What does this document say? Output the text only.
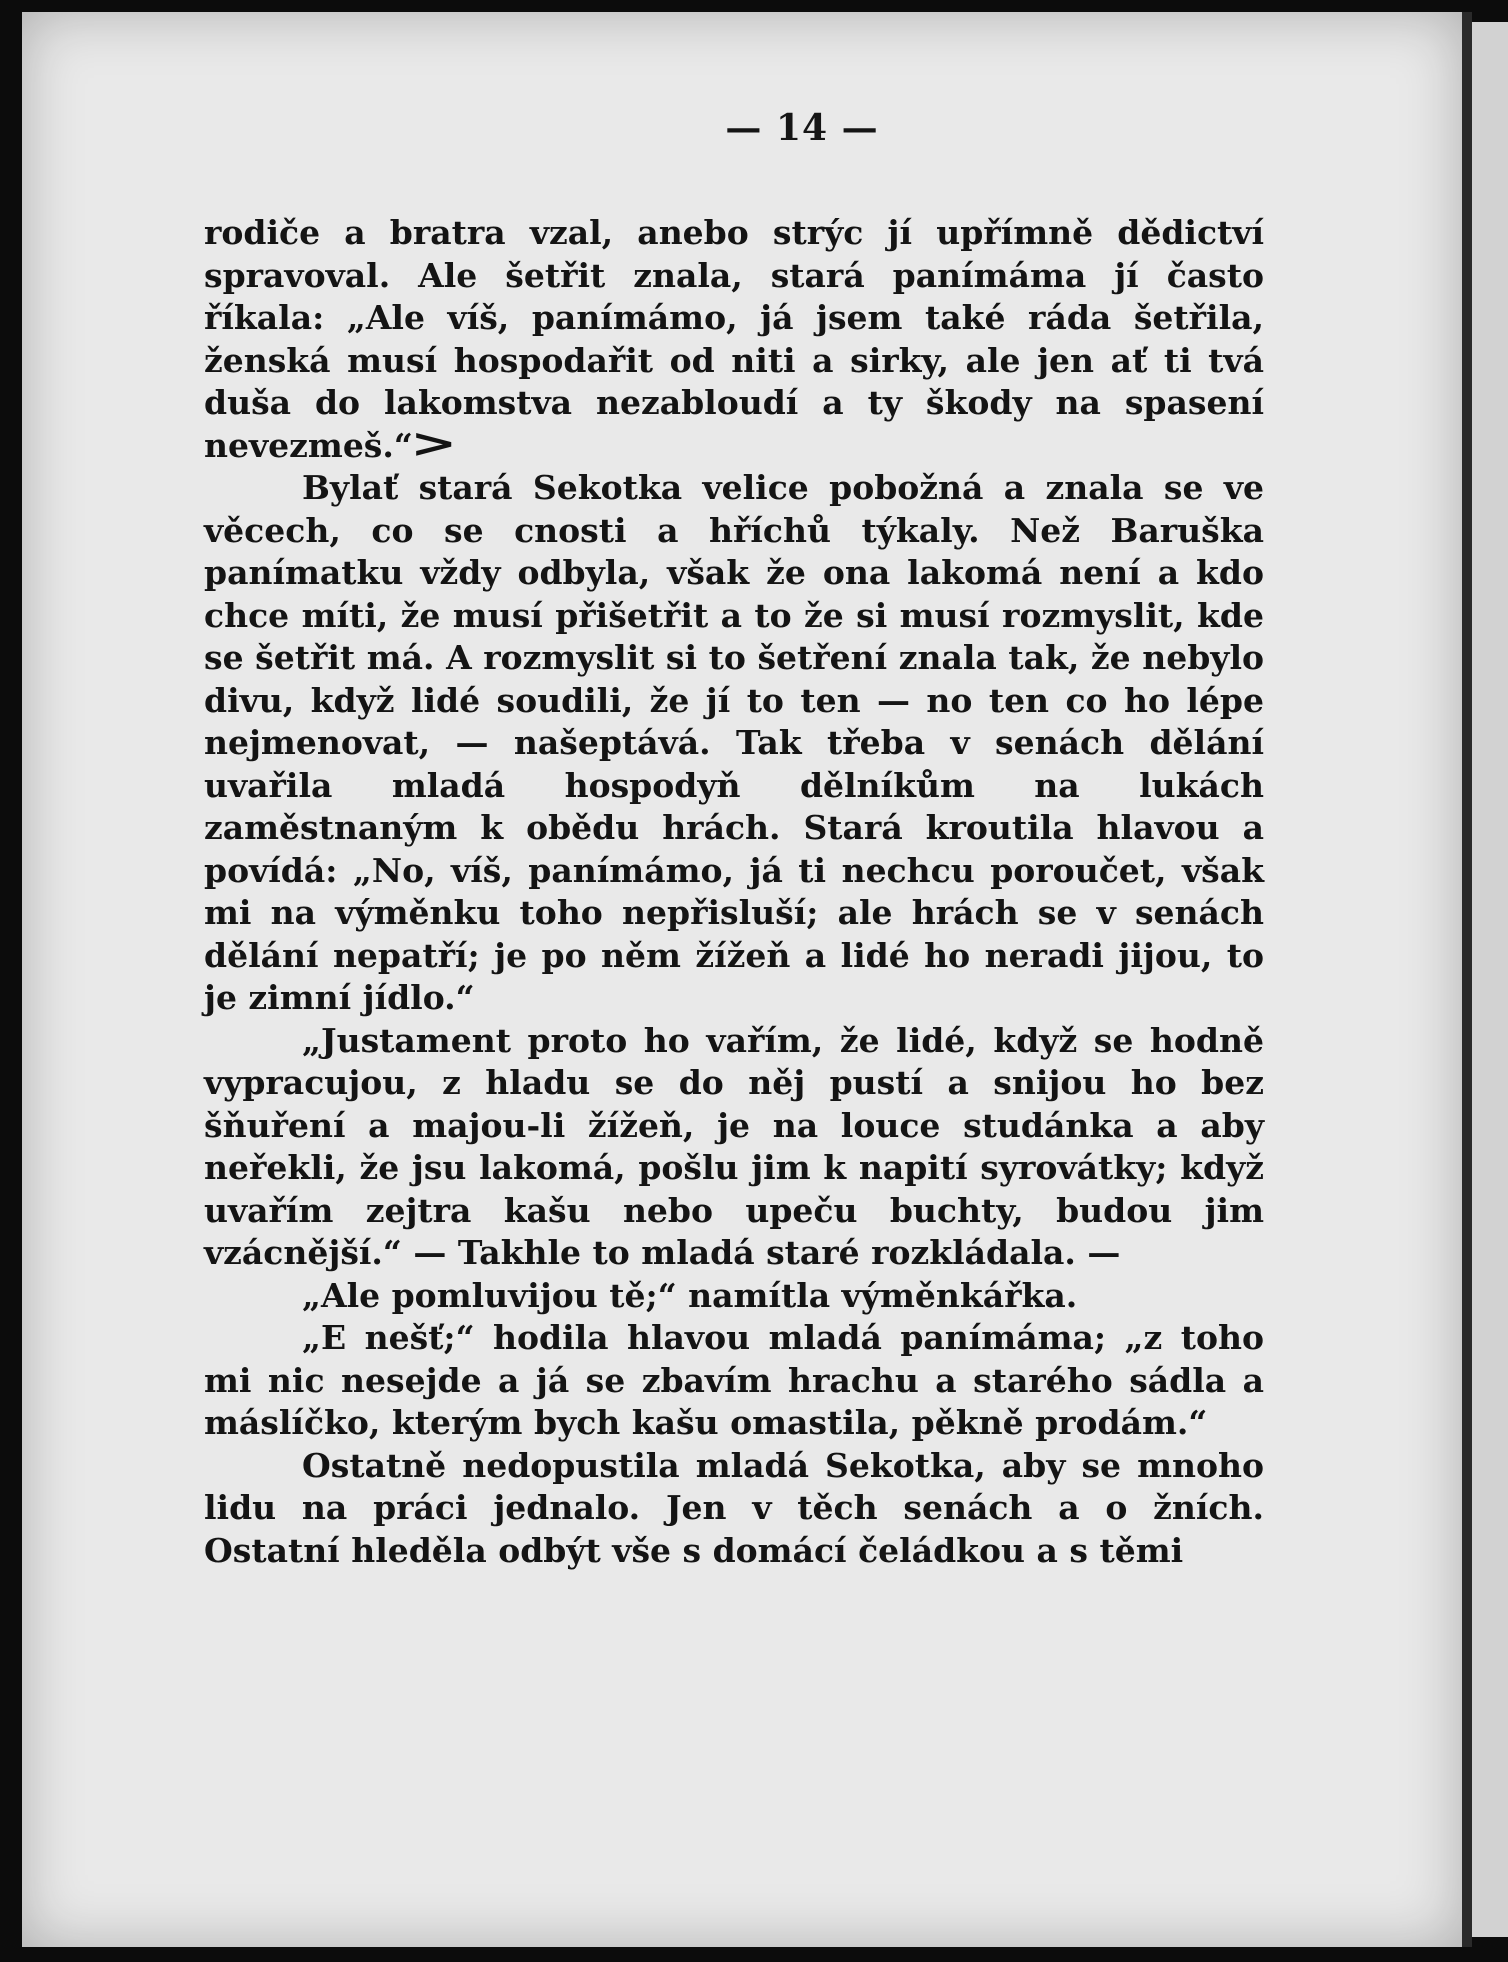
— 14 —

rodiče a bratra vzal, anebo strýc jí upřímně dědictví spravoval. Ale šetřit znala, stará panímáma jí často říkala: „Ale víš, panímámo, já jsem také ráda šetřila, ženská musí hospodařit od niti a sirky, ale jen ať ti tvá duša do lakomstva nezabloudí a ty škody na spasení nevezmeš.“>

Bylať stará Sekotka velice pobožná a znala se ve věcech, co se cnosti a hříchů týkaly. Než Baruška panímatku vždy odbyla, však že ona lakomá není a kdo chce míti, že musí přišetřit a to že si musí rozmyslit, kde se šetřit má. A rozmyslit si to šetření znala tak, že nebylo divu, když lidé soudili, že jí to ten — no ten co ho lépe nejmenovat, — našeptává. Tak třeba v senách dělání uvařila mladá hospodyň dělníkům na lukách zaměstnaným k obědu hrách. Stará kroutila hlavou a povídá: „No, víš, panímámo, já ti nechcu poroučet, však mi na výměnku toho nepřisluší; ale hrách se v senách dělání nepatří; je po něm žížeň a lidé ho neradi jijou, to je zimní jídlo.“

„Justament proto ho vařím, že lidé, když se hodně vypracujou, z hladu se do něj pustí a snijou ho bez šňuření a majou-li žížeň, je na louce studánka a aby neřekli, že jsu lakomá, pošlu jim k napití syrovátky; když uvařím zejtra kašu nebo upeču buchty, budou jim vzácnější.“ — Takhle to mladá staré rozkládala. —

„Ale pomluvijou tě;“ namítla výměnkářka.

„E nešť;“ hodila hlavou mladá panímáma; „z toho mi nic nesejde a já se zbavím hrachu a starého sádla a máslíčko, kterým bych kašu omastila, pěkně prodám.“

Ostatně nedopustila mladá Sekotka, aby se mnoho lidu na práci jednalo. Jen v těch senách a o žních. Ostatní hleděla odbýt vše s domácí čeládkou a s těmi
